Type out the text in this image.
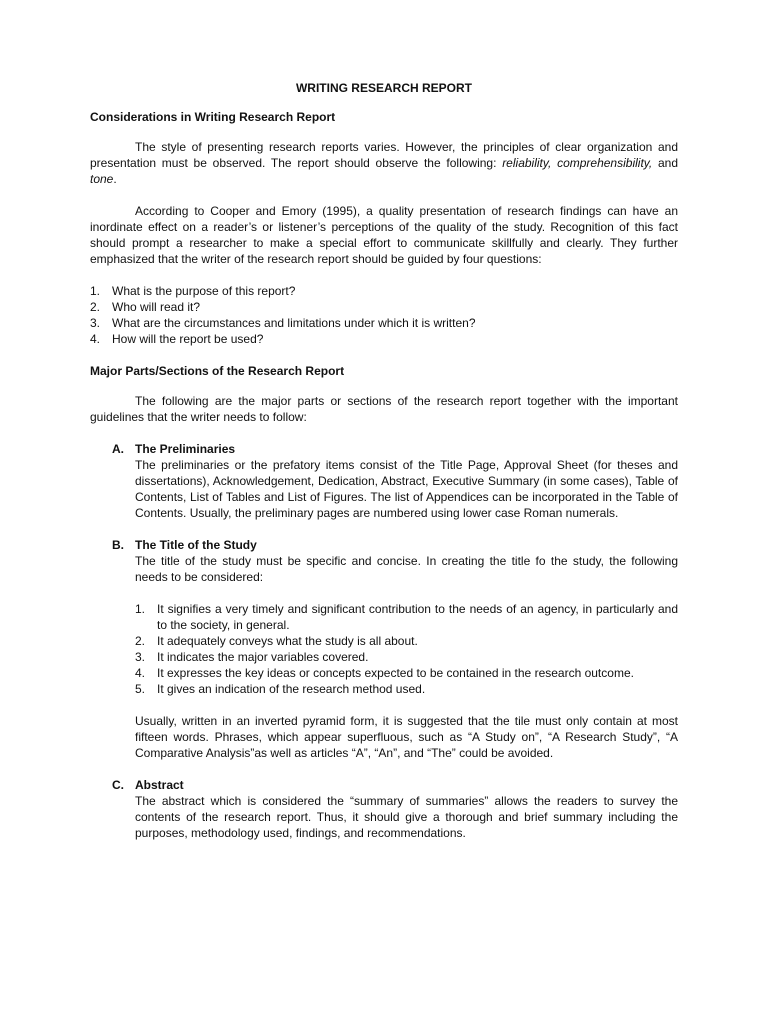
WRITING RESEARCH REPORT
Considerations in Writing Research Report

The style of presenting research reports varies. However, the principles of clear organization and presentation must be observed. The report should observe the following: reliability, comprehensibility, and tone.

According to Cooper and Emory (1995), a quality presentation of research findings can have an inordinate effect on a reader’s or listener’s perceptions of the quality of the study. Recognition of this fact should prompt a researcher to make a special effort to communicate skillfully and clearly. They further emphasized that the writer of the research report should be guided by four questions:

1. What is the purpose of this report?
2. Who will read it?
3. What are the circumstances and limitations under which it is written?
4. How will the report be used?
Major Parts/Sections of the Research Report

The following are the major parts or sections of the research report together with the important guidelines that the writer needs to follow:

A. The Preliminaries

The preliminaries or the prefatory items consist of the Title Page, Approval Sheet (for theses and dissertations), Acknowledgement, Dedication, Abstract, Executive Summary (in some cases), Table of Contents, List of Tables and List of Figures. The list of Appendices can be incorporated in the Table of Contents. Usually, the preliminary pages are numbered using lower case Roman numerals.

B. The Title of the Study

The title of the study must be specific and concise. In creating the title fo the study, the following needs to be considered:

1. It signifies a very timely and significant contribution to the needs of an agency, in particularly and to the society, in general.
2. It adequately conveys what the study is all about.
3. It indicates the major variables covered.
4. It expresses the key ideas or concepts expected to be contained in the research outcome.
5. It gives an indication of the research method used.

Usually, written in an inverted pyramid form, it is suggested that the tile must only contain at most fifteen words. Phrases, which appear superfluous, such as “A Study on”, “A Research Study”, “A Comparative Analysis”as well as articles “A”, “An”, and “The” could be avoided.

C. Abstract

The abstract which is considered the “summary of summaries” allows the readers to survey the contents of the research report. Thus, it should give a thorough and brief summary including the purposes, methodology used, findings, and recommendations.
